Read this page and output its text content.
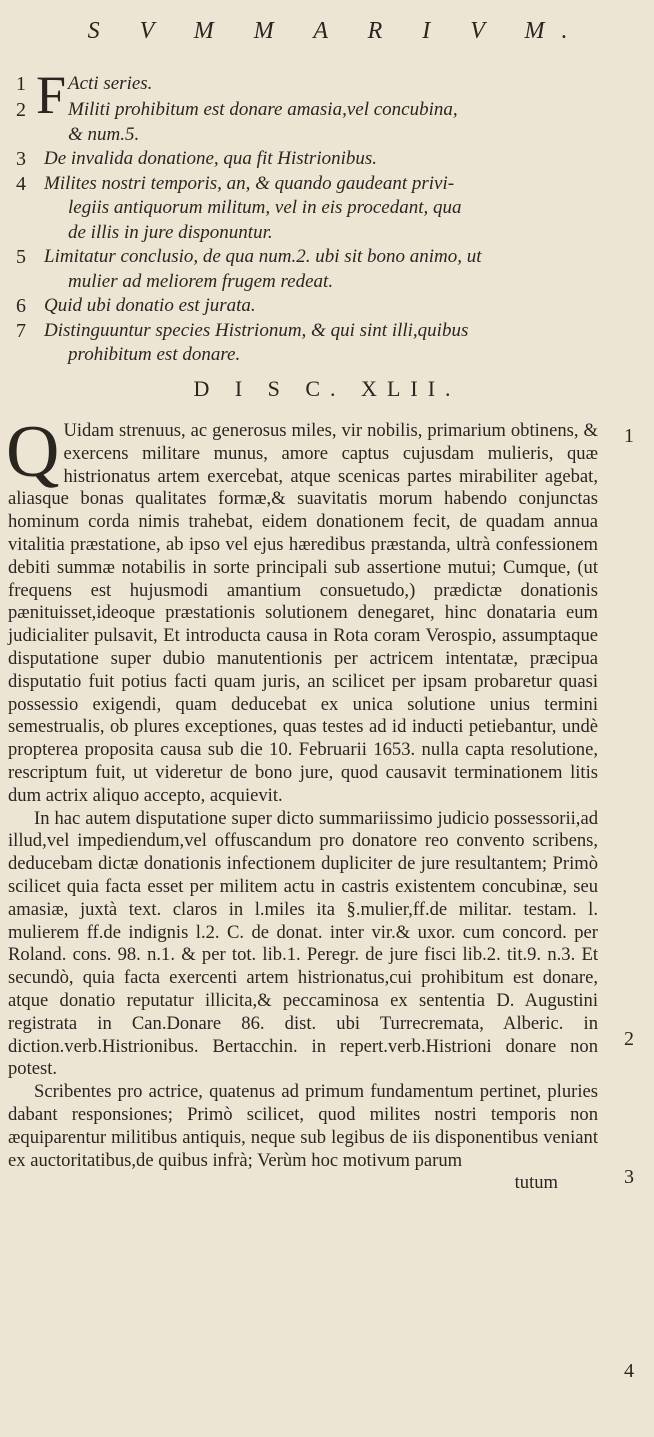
S V M M A R I V M.
1 F Acti series.
2	Militi prohibitum est donare amasia,vel concubina,
& num.5.
3 De invalida donatione, qua fit Histrionibus.
4 Milites nostri temporis, an, & quando gaudeant privi-
legiis antiquorum militum, vel in eis procedant, qua
de illis in jure disponuntur.
5 Limitatur conclusio, de qua num.2. ubi sit bono animo, ut
mulier ad meliorem frugem redeat.
6 Quid ubi donatio est jurata.
7 Distinguuntur species Histrionum, & qui sint illi,quibus
prohibitum est donare.
D I S C. XLII.

Q Uidam strenuus, ac generosus miles, vir nobilis, primarium obtinens, & exercens militare munus, amore captus cujusdam mulieris, quæ histrionatus artem exercebat, atque scenicas partes mirabiliter agebat, aliasque bonas qualitates formæ,& suavitatis morum habendo conjunctas hominum corda nimis trahebat, eidem donationem fecit, de quadam annua vitalitia præstatione, ab ipso vel ejus hæredibus præstanda, ultrà confessionem debiti summæ notabilis in sorte principali sub assertione mutui; Cumque, (ut frequens est hujusmodi amantium consuetudo,) prædictæ donationis pænituisset,ideoque præstationis solutionem denegaret, hinc donataria eum judicialiter pulsavit, Et introducta causa in Rota coram Verospio, assumptaque disputatione super dubio manutentionis per actricem intentatæ, præcipua disputatio fuit potius facti quam juris, an scilicet per ipsam probaretur quasi possessio exigendi, quam deducebat ex unica solutione unius termini semestrualis, ob plures exceptiones, quas testes ad id inducti petiebantur, undè propterea proposita causa sub die 10. Februarii 1653. nulla capta resolutione, rescriptum fuit, ut videretur de bono jure, quod causavit terminationem litis dum actrix aliquo accepto, acquievit.

In hac autem disputatione super dicto summariissimo judicio possessorii,ad illud,vel impediendum,vel offuscandum pro donatore reo convento scribens, deducebam dictæ donationis infectionem dupliciter de jure resultantem; Primò scilicet quia facta esset per militem actu in castris existentem concubinæ, seu amasiæ, juxtà text. claros in l.miles ita §.mulier,ff.de militar. testam. l. mulierem ff.de indignis l.2. C. de donat. inter vir.& uxor. cum concord. per Roland. cons. 98. n.1. & per tot. lib.1. Peregr. de jure fisci lib.2. tit.9. n.3. Et secundò, quia facta exercenti artem histrionatus,cui prohibitum est donare, atque donatio reputatur illicita,& peccaminosa ex sententia D. Augustini registrata in Can.Donare 86. dist. ubi Turrecremata, Alberic. in diction.verb.Histrionibus. Bertacchin. in repert.verb.Histrioni donare non potest.

Scribentes pro actrice, quatenus ad primum fundamentum pertinet, pluries dabant responsiones; Primò scilicet, quod milites nostri temporis non æquiparentur militibus antiquis, neque sub legibus de iis disponentibus veniant ex auctoritatibus,de quibus infrà; Verùm hoc motivum parum

tutum

1
2
3
4
